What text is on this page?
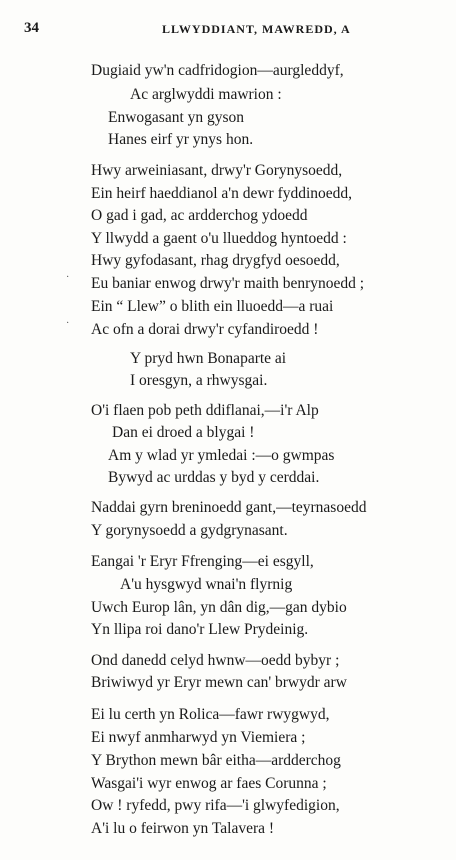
34	LLWYDDIANT, MAWREDD, A
Dugiaid yw'n cadfridogion—aurgleddyf,
Ac arglwyddi mawrion :
Enwogasant yn gyson
Hanes eirf yr ynys hon.
Hwy arweiniasant, drwy'r Gorynysoedd,
Ein heirf haeddianol a'n dewr fyddinoedd,
O gad i gad, ac ardderchog ydoedd
Y llwydd a gaent o'u llueddog hyntoedd :
Hwy gyfodasant, rhag drygfyd oesoedd,
Eu baniar enwog drwy'r maith benrynoedd ;
Ein “ Llew” o blith ein lluoedd—a ruai
Ac ofn a dorai drwy'r cyfandiroedd !
Y pryd hwn Bonaparte ai
I oresgyn, a rhwysgai.
O'i flaen pob peth ddiflanai,—i'r Alp
Dan ei droed a blygai !
Am y wlad yr ymledai :—o gwmpas
Bywyd ac urddas y byd y cerddai.
Naddai gyrn breninoedd gant,—teyrnasoedd
Y gorynysoedd a gydgrynasant.
Eangai 'r Eryr Ffrenging—ei esgyll,
A'u hysgwyd wnai'n flyrnig
Uwch Europ lân, yn dân dig,—gan dybio
Yn llipa roi dano'r Llew Prydeinig.
Ond danedd celyd hwnw—oedd bybyr ;
Briwiwyd yr Eryr mewn can' brwydr arw
Ei lu certh yn Rolica—fawr rwygwyd,
Ei nwyf anmharwyd yn Viemiera ;
Y Brython mewn bâr eitha—ardderchog
Wasgai'i wyr enwog ar faes Corunna ;
Ow ! ryfedd, pwy rifa—'i glwyfedigion,
A'i lu o feirwon yn Talavera !
·
·
